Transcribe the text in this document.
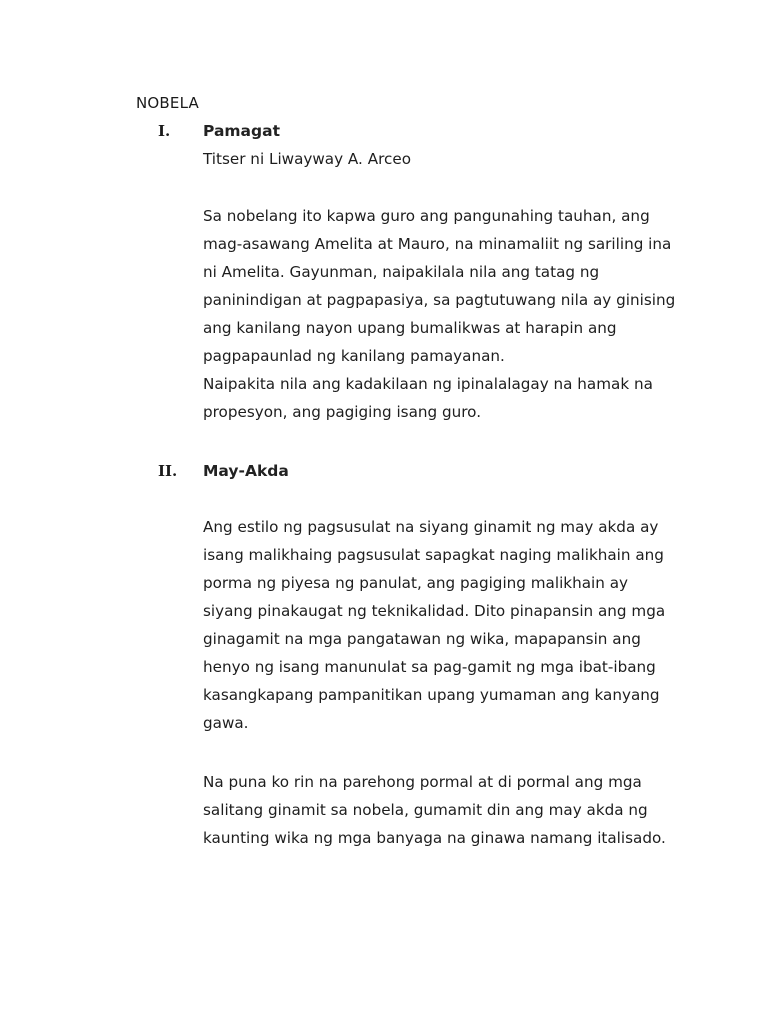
NOBELA
I. Pamagat
Titser ni Liwayway A. Arceo
Sa nobelang ito kapwa guro ang pangunahing tauhan, ang
mag-asawang Amelita at Mauro, na minamaliit ng sariling ina
ni Amelita. Gayunman, naipakilala nila ang tatag ng
paninindigan at pagpapasiya, sa pagtutuwang nila ay ginising
ang kanilang nayon upang bumalikwas at harapin ang
pagpapaunlad ng kanilang pamayanan.
Naipakita nila ang kadakilaan ng ipinalalagay na hamak na
propesyon, ang pagiging isang guro.
II. May-Akda
Ang estilo ng pagsusulat na siyang ginamit ng may akda ay
isang malikhaing pagsusulat sapagkat naging malikhain ang
porma ng piyesa ng panulat, ang pagiging malikhain ay
siyang pinakaugat ng teknikalidad. Dito pinapansin ang mga
ginagamit na mga pangatawan ng wika, mapapansin ang
henyo ng isang manunulat sa pag-gamit ng mga ibat-ibang
kasangkapang pampanitikan upang yumaman ang kanyang
gawa.
Na puna ko rin na parehong pormal at di pormal ang mga
salitang ginamit sa nobela, gumamit din ang may akda ng
kaunting wika ng mga banyaga na ginawa namang italisado.
